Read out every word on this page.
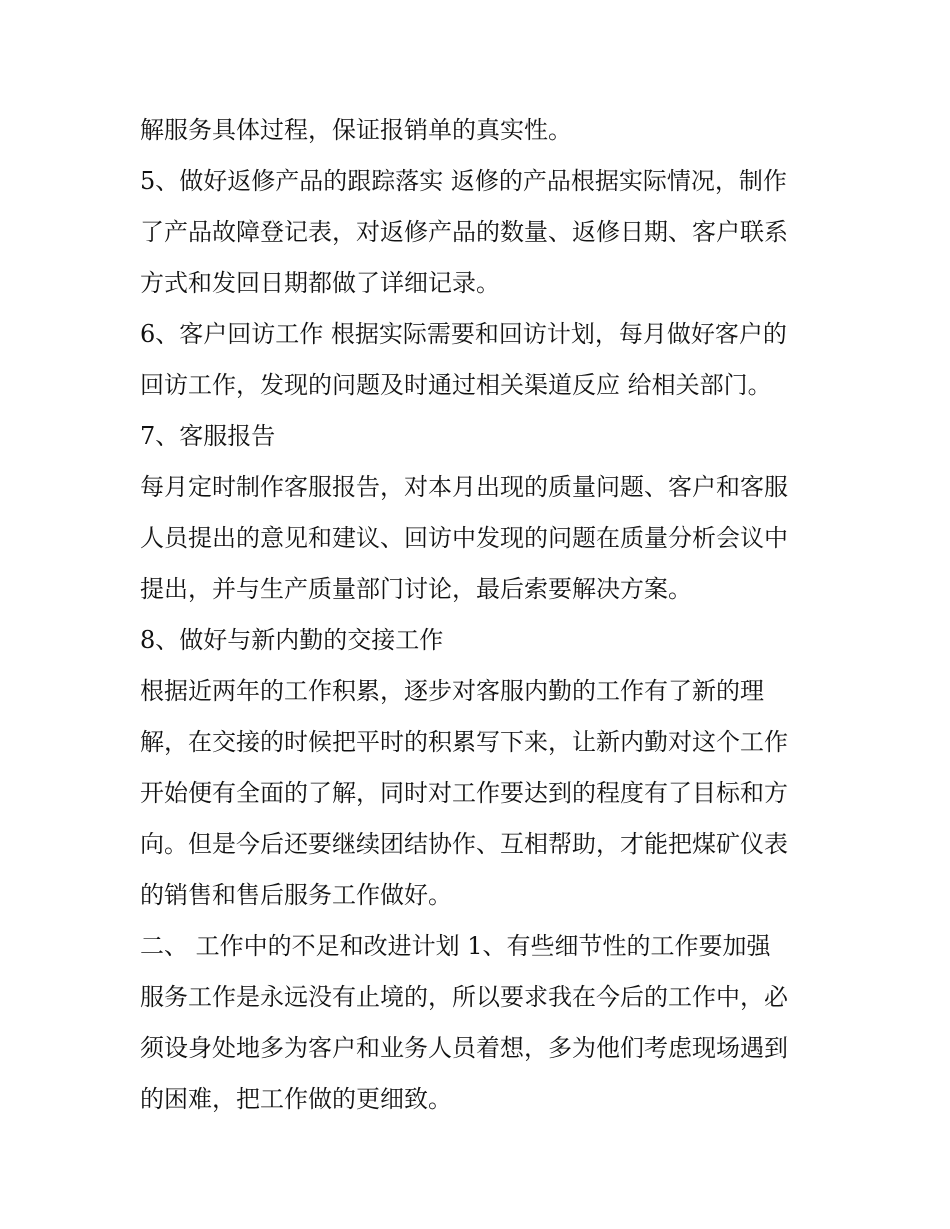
解服务具体过程，保证报销单的真实性。
5、做好返修产品的跟踪落实 返修的产品根据实际情况，制作
了产品故障登记表，对返修产品的数量、返修日期、客户联系
方式和发回日期都做了详细记录。
6、客户回访工作 根据实际需要和回访计划，每月做好客户的
回访工作，发现的问题及时通过相关渠道反应 给相关部门。
7、客服报告
每月定时制作客服报告，对本月出现的质量问题、客户和客服
人员提出的意见和建议、回访中发现的问题在质量分析会议中
提出，并与生产质量部门讨论，最后索要解决方案。
8、做好与新内勤的交接工作
根据近两年的工作积累，逐步对客服内勤的工作有了新的理
解，在交接的时候把平时的积累写下来，让新内勤对这个工作
开始便有全面的了解，同时对工作要达到的程度有了目标和方
向。但是今后还要继续团结协作、互相帮助，才能把煤矿仪表
的销售和售后服务工作做好。
二、 工作中的不足和改进计划 1、有些细节性的工作要加强
服务工作是永远没有止境的，所以要求我在今后的工作中，必
须设身处地多为客户和业务人员着想，多为他们考虑现场遇到
的困难，把工作做的更细致。
